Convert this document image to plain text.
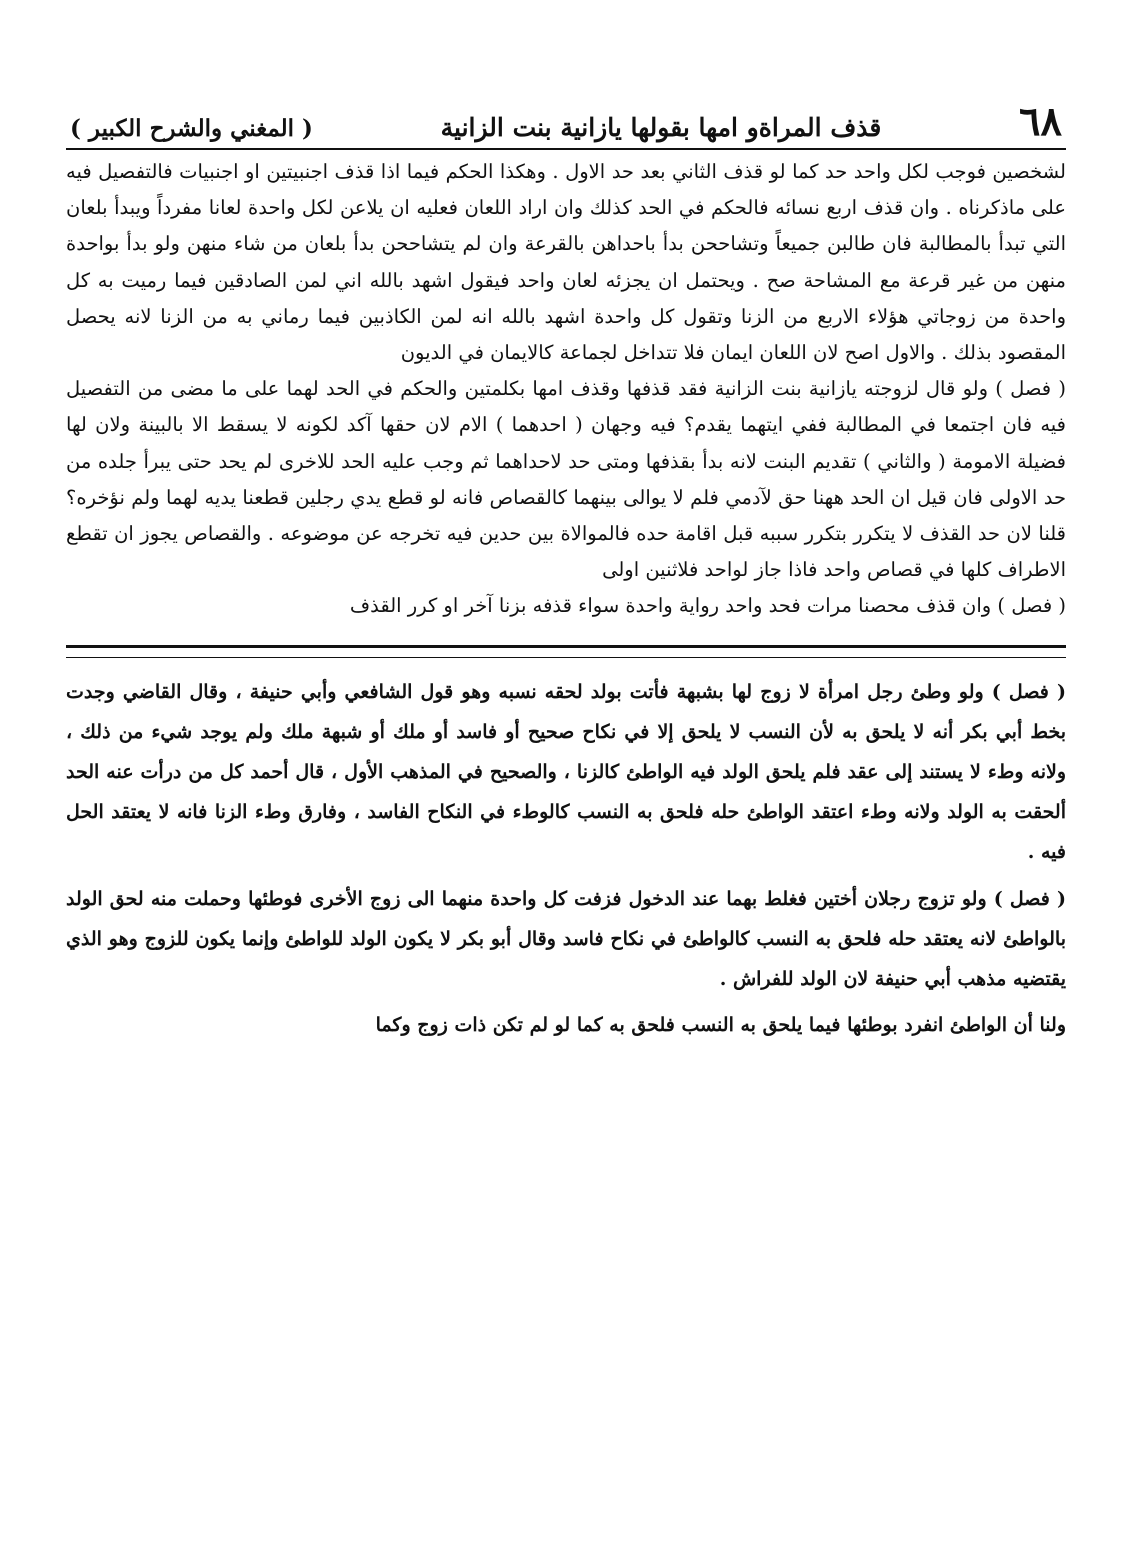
٦٨
قذف المراةو امها بقولها يازانية بنت الزانية
( المغني والشرح الكبير )

لشخصين فوجب لكل واحد حد كما لو قذف الثاني بعد حد الاول . وهكذا الحكم فيما اذا قذف اجنبيتين او اجنبيات فالتفصيل فيه على ماذكرناه . وان قذف اربع نسائه فالحكم في الحد كذلك وان اراد اللعان فعليه ان يلاعن لكل واحدة لعانا مفرداً ويبدأ بلعان التي تبدأ بالمطالبة فان طالبن جميعاً وتشاححن بدأ باحداهن بالقرعة وان لم يتشاححن بدأ بلعان من شاء منهن ولو بدأ بواحدة منهن من غير قرعة مع المشاحة صح . ويحتمل ان يجزئه لعان واحد فيقول اشهد بالله اني لمن الصادقين فيما رميت به كل واحدة من زوجاتي هؤلاء الاربع من الزنا وتقول كل واحدة اشهد بالله انه لمن الكاذبين فيما رماني به من الزنا لانه يحصل المقصود بذلك . والاول اصح لان اللعان ايمان فلا تتداخل لجماعة كالايمان في الديون

( فصل ) ولو قال لزوجته يازانية بنت الزانية فقد قذفها وقذف امها بكلمتين والحكم في الحد لهما على ما مضى من التفصيل فيه فان اجتمعا في المطالبة ففي ايتهما يقدم؟ فيه وجهان ( احدهما ) الام لان حقها آكد لكونه لا يسقط الا بالبينة ولان لها فضيلة الامومة ( والثاني ) تقديم البنت لانه بدأ بقذفها ومتى حد لاحداهما ثم وجب عليه الحد للاخرى لم يحد حتى يبرأ جلده من حد الاولى فان قيل ان الحد ههنا حق لآدمي فلم لا يوالى بينهما كالقصاص فانه لو قطع يدي رجلين قطعنا يديه لهما ولم نؤخره؟ قلنا لان حد القذف لا يتكرر بتكرر سببه قبل اقامة حده فالموالاة بين حدين فيه تخرجه عن موضوعه . والقصاص يجوز ان تقطع الاطراف كلها في قصاص واحد فاذا جاز لواحد فلاثنين اولى

( فصل ) وان قذف محصنا مرات فحد واحد رواية واحدة سواء قذفه بزنا آخر او كرر القذف

( فصل ) ولو وطئ رجل امرأة لا زوج لها بشبهة فأتت بولد لحقه نسبه وهو قول الشافعي وأبي حنيفة ، وقال القاضي وجدت بخط أبي بكر أنه لا يلحق به لأن النسب لا يلحق إلا في نكاح صحيح أو فاسد أو ملك أو شبهة ملك ولم يوجد شيء من ذلك ، ولانه وطء لا يستند إلى عقد فلم يلحق الولد فيه الواطئ كالزنا ، والصحيح في المذهب الأول ، قال أحمد كل من درأت عنه الحد ألحقت به الولد ولانه وطء اعتقد الواطئ حله فلحق به النسب كالوطء في النكاح الفاسد ، وفارق وطء الزنا فانه لا يعتقد الحل فيه .

( فصل ) ولو تزوج رجلان أختين فغلط بهما عند الدخول فزفت كل واحدة منهما الى زوج الأخرى فوطئها وحملت منه لحق الولد بالواطئ لانه يعتقد حله فلحق به النسب كالواطئ في نكاح فاسد وقال أبو بكر لا يكون الولد للواطئ وإنما يكون للزوج وهو الذي يقتضيه مذهب أبي حنيفة لان الولد للفراش .

ولنا أن الواطئ انفرد بوطئها فيما يلحق به النسب فلحق به كما لو لم تكن ذات زوج وكما
